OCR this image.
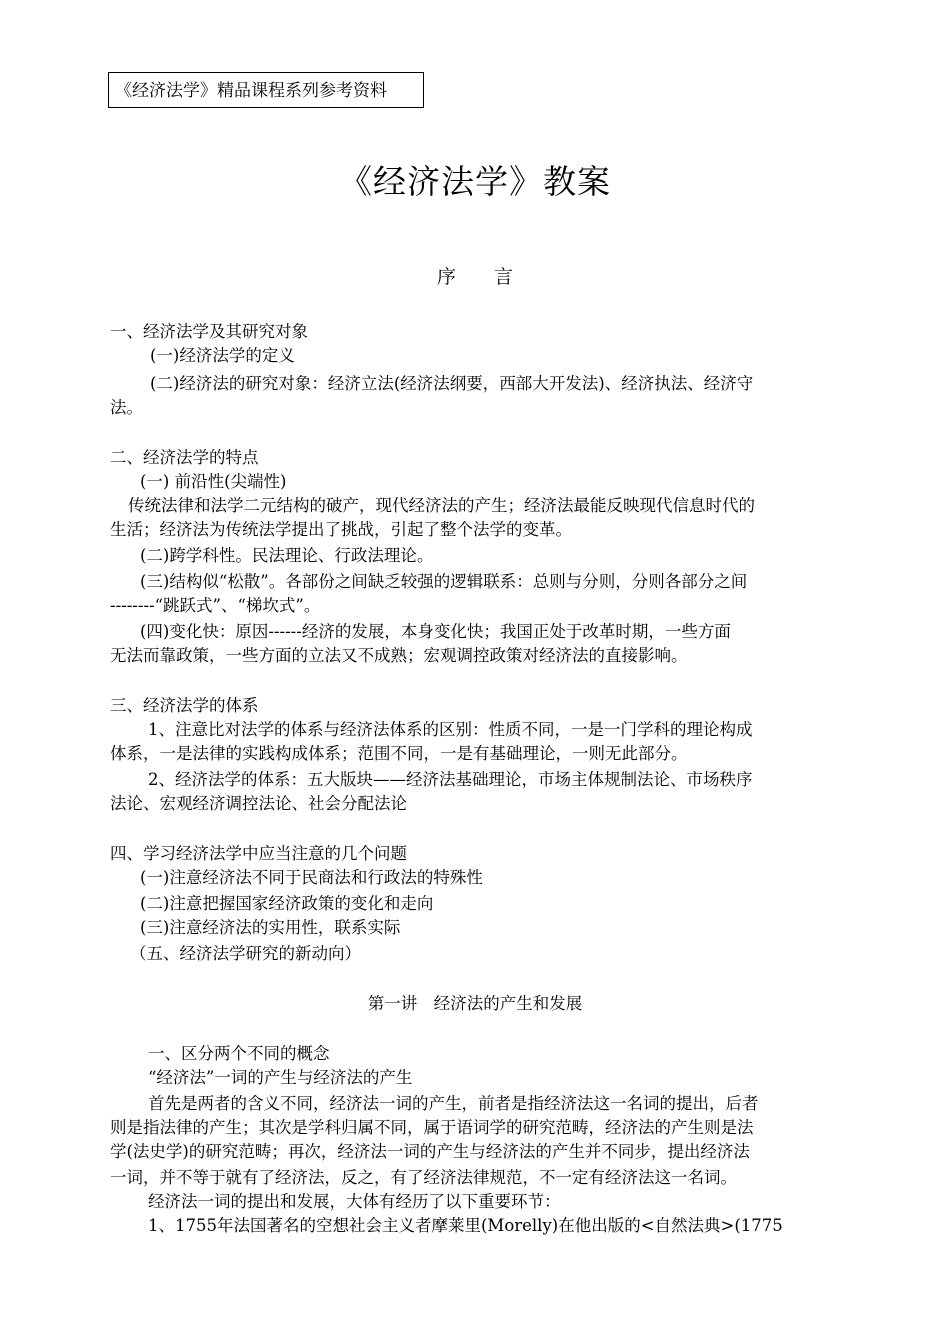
《经济法学》精品课程系列参考资料
《经济法学》教案
序 言
一、经济法学及其研究对象
(一)经济法学的定义
(二)经济法的研究对象：经济立法(经济法纲要，西部大开发法)、经济执法、经济守
法。
二、经济法学的特点
(一) 前沿性(尖端性)
传统法律和法学二元结构的破产，现代经济法的产生；经济法最能反映现代信息时代的
生活；经济法为传统法学提出了挑战，引起了整个法学的变革。
(二)跨学科性。民法理论、行政法理论。
(三)结构似“松散”。各部份之间缺乏较强的逻辑联系：总则与分则，分则各部分之间
--------“跳跃式”、“梯坎式”。
(四)变化快：原因------经济的发展，本身变化快；我国正处于改革时期，一些方面
无法而靠政策，一些方面的立法又不成熟；宏观调控政策对经济法的直接影响。
三、经济法学的体系
1、注意比对法学的体系与经济法体系的区别：性质不同，一是一门学科的理论构成
体系，一是法律的实践构成体系；范围不同，一是有基础理论，一则无此部分。
2、经济法学的体系：五大版块——经济法基础理论，市场主体规制法论、市场秩序
法论、宏观经济调控法论、社会分配法论
四、学习经济法学中应当注意的几个问题
(一)注意经济法不同于民商法和行政法的特殊性
(二)注意把握国家经济政策的变化和走向
(三)注意经济法的实用性，联系实际
（五、经济法学研究的新动向）
第一讲　经济法的产生和发展
一、区分两个不同的概念
“经济法”一词的产生与经济法的产生
首先是两者的含义不同，经济法一词的产生，前者是指经济法这一名词的提出，后者
则是指法律的产生；其次是学科归属不同，属于语词学的研究范畴，经济法的产生则是法
学(法史学)的研究范畴；再次，经济法一词的产生与经济法的产生并不同步，提出经济法
一词，并不等于就有了经济法，反之，有了经济法律规范，不一定有经济法这一名词。
经济法一词的提出和发展，大体有经历了以下重要环节：
1、1755年法国著名的空想社会主义者摩莱里(Morelly)在他出版的<自然法典>(1775
